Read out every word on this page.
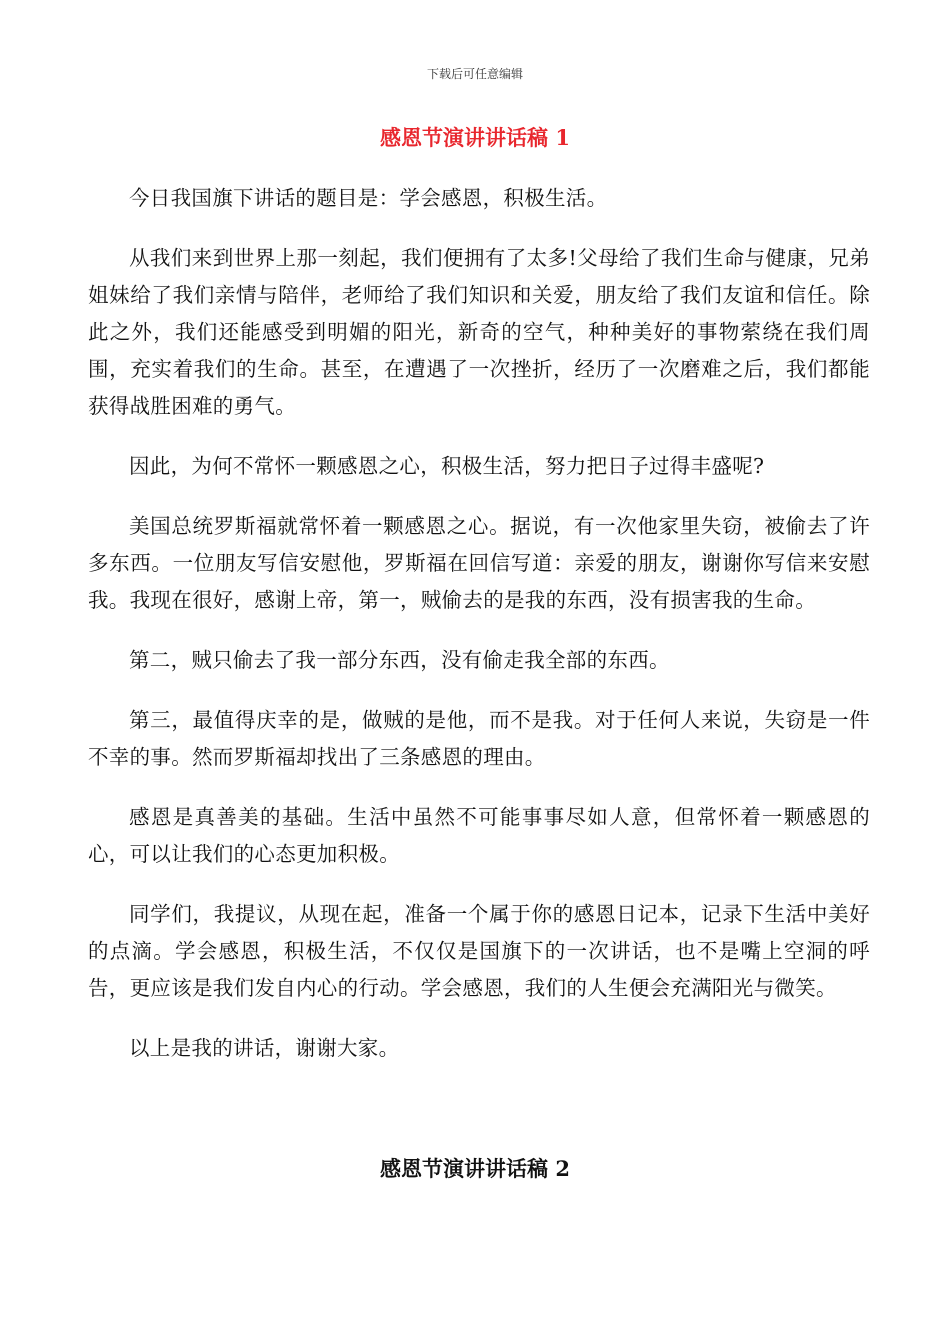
下载后可任意编辑
感恩节演讲讲话稿 1

今日我国旗下讲话的题目是：学会感恩，积极生活。

从我们来到世界上那一刻起，我们便拥有了太多!父母给了我们生命与健康，兄弟姐妹给了我们亲情与陪伴，老师给了我们知识和关爱，朋友给了我们友谊和信任。除此之外，我们还能感受到明媚的阳光，新奇的空气，种种美好的事物萦绕在我们周围，充实着我们的生命。甚至，在遭遇了一次挫折，经历了一次磨难之后，我们都能获得战胜困难的勇气。

因此，为何不常怀一颗感恩之心，积极生活，努力把日子过得丰盛呢?

美国总统罗斯福就常怀着一颗感恩之心。据说，有一次他家里失窃，被偷去了许多东西。一位朋友写信安慰他，罗斯福在回信写道：亲爱的朋友，谢谢你写信来安慰我。我现在很好，感谢上帝，第一，贼偷去的是我的东西，没有损害我的生命。

第二，贼只偷去了我一部分东西，没有偷走我全部的东西。

第三，最值得庆幸的是，做贼的是他，而不是我。对于任何人来说，失窃是一件不幸的事。然而罗斯福却找出了三条感恩的理由。

感恩是真善美的基础。生活中虽然不可能事事尽如人意，但常怀着一颗感恩的心，可以让我们的心态更加积极。

同学们，我提议，从现在起，准备一个属于你的感恩日记本，记录下生活中美好的点滴。学会感恩，积极生活，不仅仅是国旗下的一次讲话，也不是嘴上空洞的呼告，更应该是我们发自内心的行动。学会感恩，我们的人生便会充满阳光与微笑。

以上是我的讲话，谢谢大家。

感恩节演讲讲话稿 2
